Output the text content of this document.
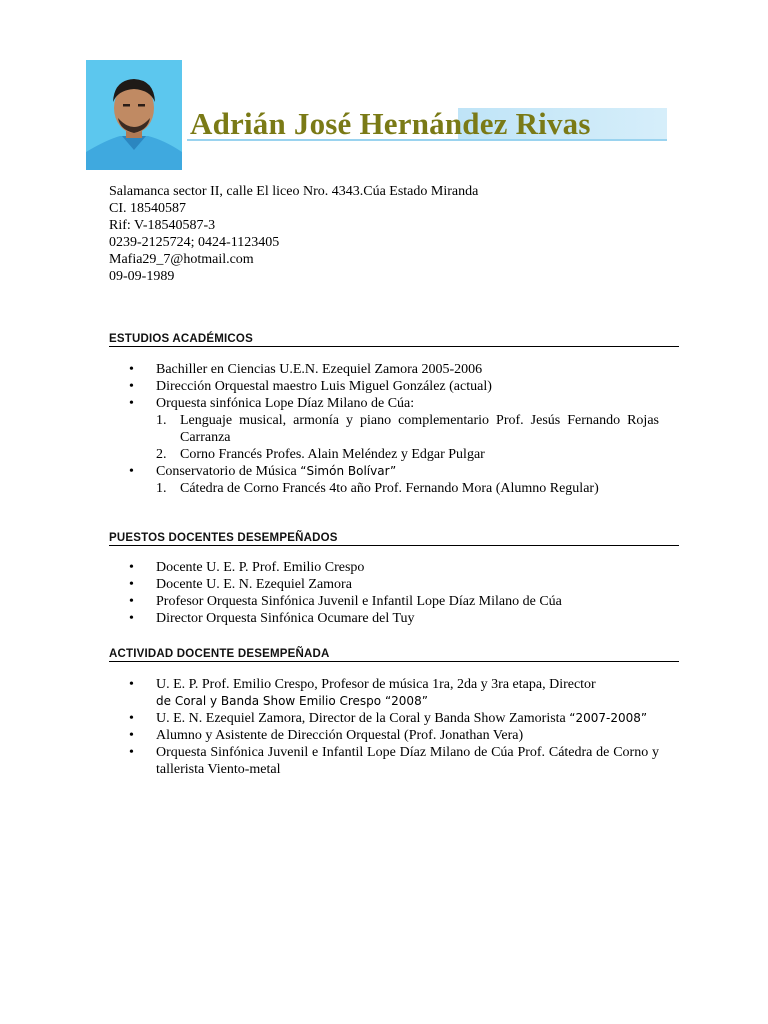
Adrián José Hernández Rivas
Salamanca sector II, calle El liceo Nro. 4343.Cúa Estado Miranda
CI. 18540587
Rif: V-18540587-3
0239-2125724; 0424-1123405
Mafia29_7@hotmail.com
09-09-1989
ESTUDIOS ACADÉMICOS
• Bachiller en Ciencias U.E.N. Ezequiel Zamora 2005-2006
• Dirección Orquestal maestro Luis Miguel González (actual)
• Orquesta sinfónica Lope Díaz Milano de Cúa:
1. Lenguaje musical, armonía y piano complementario Prof. Jesús Fernando Rojas Carranza
2. Corno Francés Profes. Alain Meléndez y Edgar Pulgar
• Conservatorio de Música “Simón Bolívar”
1. Cátedra de Corno Francés 4to año Prof. Fernando Mora (Alumno Regular)
PUESTOS DOCENTES DESEMPEÑADOS
• Docente U. E. P. Prof. Emilio Crespo
• Docente U. E. N. Ezequiel Zamora
• Profesor Orquesta Sinfónica Juvenil e Infantil Lope Díaz Milano de Cúa
• Director Orquesta Sinfónica Ocumare del Tuy
ACTIVIDAD DOCENTE DESEMPEÑADA
• U. E. P. Prof. Emilio Crespo, Profesor de música 1ra, 2da y 3ra etapa, Director
de Coral y Banda Show Emilio Crespo “2008”
• U. E. N. Ezequiel Zamora, Director de la Coral y Banda Show Zamorista “2007-2008”
• Alumno y Asistente de Dirección Orquestal (Prof. Jonathan Vera)
• Orquesta Sinfónica Juvenil e Infantil Lope Díaz Milano de Cúa Prof. Cátedra de Corno y tallerista Viento-metal
